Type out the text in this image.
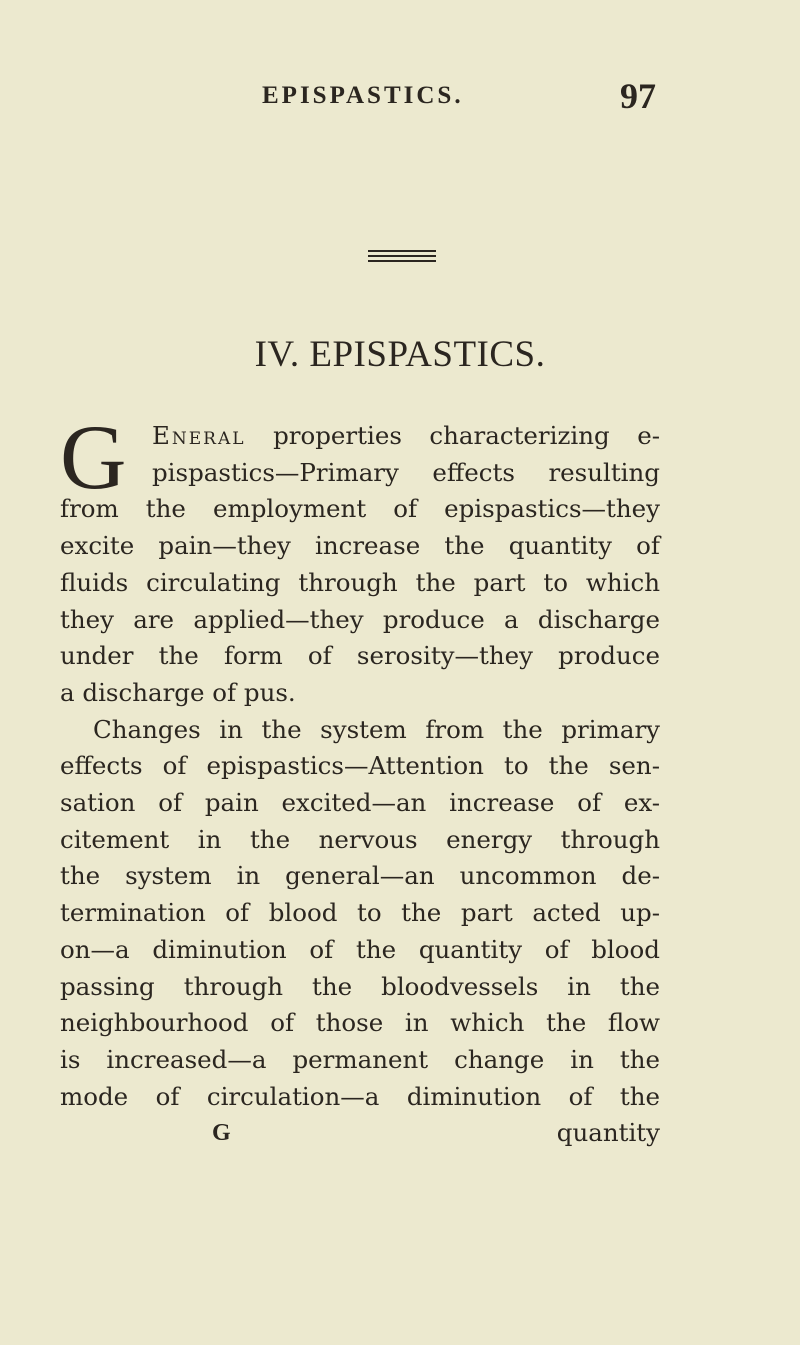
EPISPASTICS.	97
IV. EPISPASTICS.
G	Eneral properties characterizing e-
pispastics—Primary effects resulting
from the employment of epispastics—they
excite pain—they increase the quantity of
fluids circulating through the part to which
they are applied—they produce a discharge
under the form of serosity—they produce
a discharge of pus.
Changes in the system from the primary
effects of epispastics—Attention to the sen-
sation of pain excited—an increase of ex-
citement in the nervous energy through
the system in general—an uncommon de-
termination of blood to the part acted up-
on—a diminution of the quantity of blood
passing through the bloodvessels in the
neighbourhood of those in which the flow
is increased—a permanent change in the
mode of circulation—a diminution of the
G	quantity
